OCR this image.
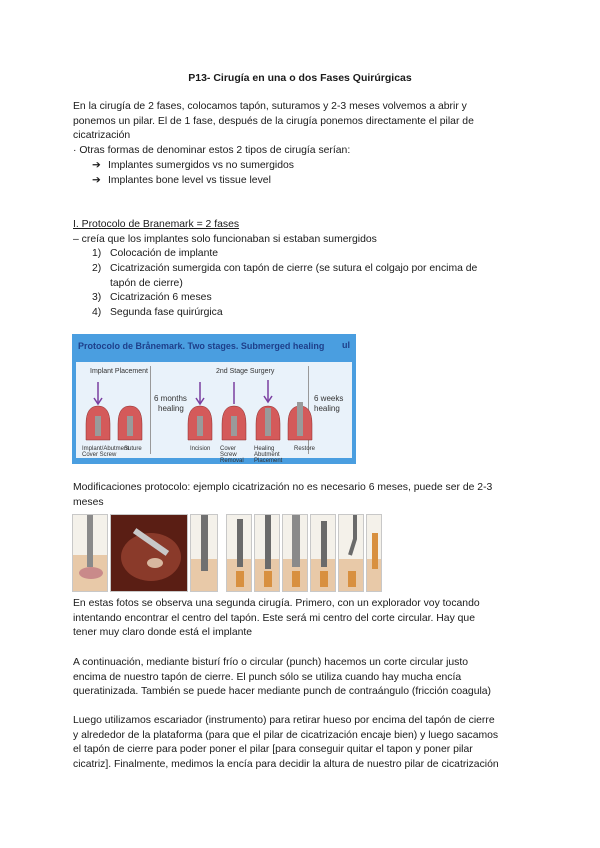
P13- Cirugía en una o dos Fases Quirúrgicas
En la cirugía de 2 fases, colocamos tapón, suturamos y 2-3 meses volvemos a abrir y
ponemos un pilar. El de 1 fase, después de la cirugía ponemos directamente el pilar de
cicatrización
· Otras formas de denominar estos 2 tipos de cirugía serían:
➔ Implantes sumergidos vs no sumergidos
➔ Implantes bone level vs tissue level
I. Protocolo de Branemark = 2 fases
– creía que los implantes solo funcionaban si estaban sumergidos
1) Colocación de implante
2) Cicatrización sumergida con tapón de cierre (se sutura el colgajo por encima de
tapón de cierre)
3) Cicatrización 6 meses
4) Segunda fase quirúrgica
Protocolo de Brånemark. Two stages. Submerged healing ul
Implant Placement
6 months
healing
2nd Stage Surgery
6 weeks
healing
Implant/Abutment Cover Screw
Suture	Incision Cover Screw Removal
Healing Abutment Placement
Restore
Modificaciones protocolo: ejemplo cicatrización no es necesario 6 meses, puede ser de 2-3
meses
En estas fotos se observa una segunda cirugía. Primero, con un explorador voy tocando
intentando encontrar el centro del tapón. Este será mi centro del corte circular. Hay que
tener muy claro donde está el implante
A continuación, mediante bisturí frío o circular (punch) hacemos un corte circular justo
encima de nuestro tapón de cierre. El punch sólo se utiliza cuando hay mucha encía
queratinizada. También se puede hacer mediante punch de contraángulo (fricción coagula)
Luego utilizamos escariador (instrumento) para retirar hueso por encima del tapón de cierre
y alrededor de la plataforma (para que el pilar de cicatrización encaje bien) y luego sacamos
el tapón de cierre para poder poner el pilar [para conseguir quitar el tapon y poner pilar
cicatriz]. Finalmente, medimos la encía para decidir la altura de nuestro pilar de cicatrización
